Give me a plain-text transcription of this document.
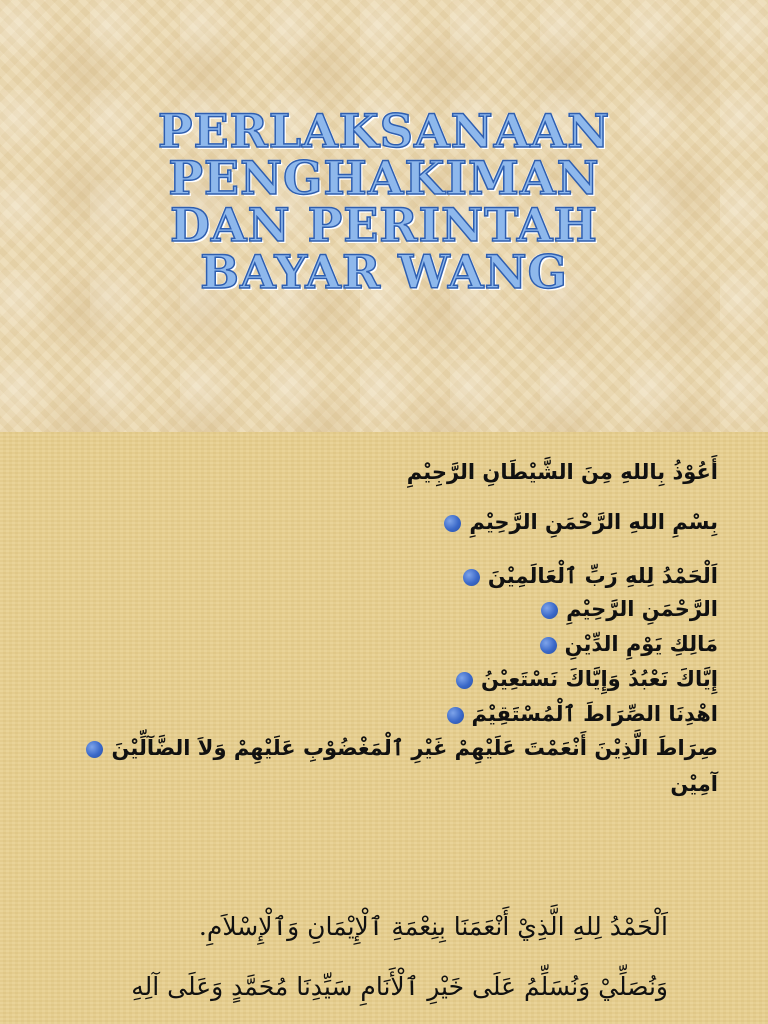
PERLAKSANAAN
PENGHAKIMAN
DAN PERINTAH
BAYAR WANG
أَعُوْذُ بِاللهِ مِنَ الشَّيْطَانِ الرَّجِيْمِ
بِسْمِ اللهِ الرَّحْمَنِ الرَّحِيْمِ
اَلْحَمْدُ لِلهِ رَبِّ ٱلْعَالَمِيْنَ
الرَّحْمَنِ الرَّحِيْمِ
مَالِكِ يَوْمِ الدِّيْنِ
إِيَّاكَ نَعْبُدُ وَإِيَّاكَ نَسْتَعِيْنُ
اهْدِنَا الصِّرَاطَ ٱلْمُسْتَقِيْمَ
صِرَاطَ الَّذِيْنَ أَنْعَمْتَ عَلَيْهِمْ غَيْرِ ٱلْمَغْضُوْبِ عَلَيْهِمْ وَلاَ الضَّآلِّيْنَ
آمِيْن
اَلْحَمْدُ لِلهِ الَّذِيْ أَنْعَمَنَا بِنِعْمَةِ ٱلْإِيْمَانِ وَٱلْإِسْلاَمِ.
وَنُصَلِّيْ وَنُسَلِّمُ عَلَى خَيْرِ ٱلْأَنَامِ سَيِّدِنَا مُحَمَّدٍ وَعَلَى آلِهِ
